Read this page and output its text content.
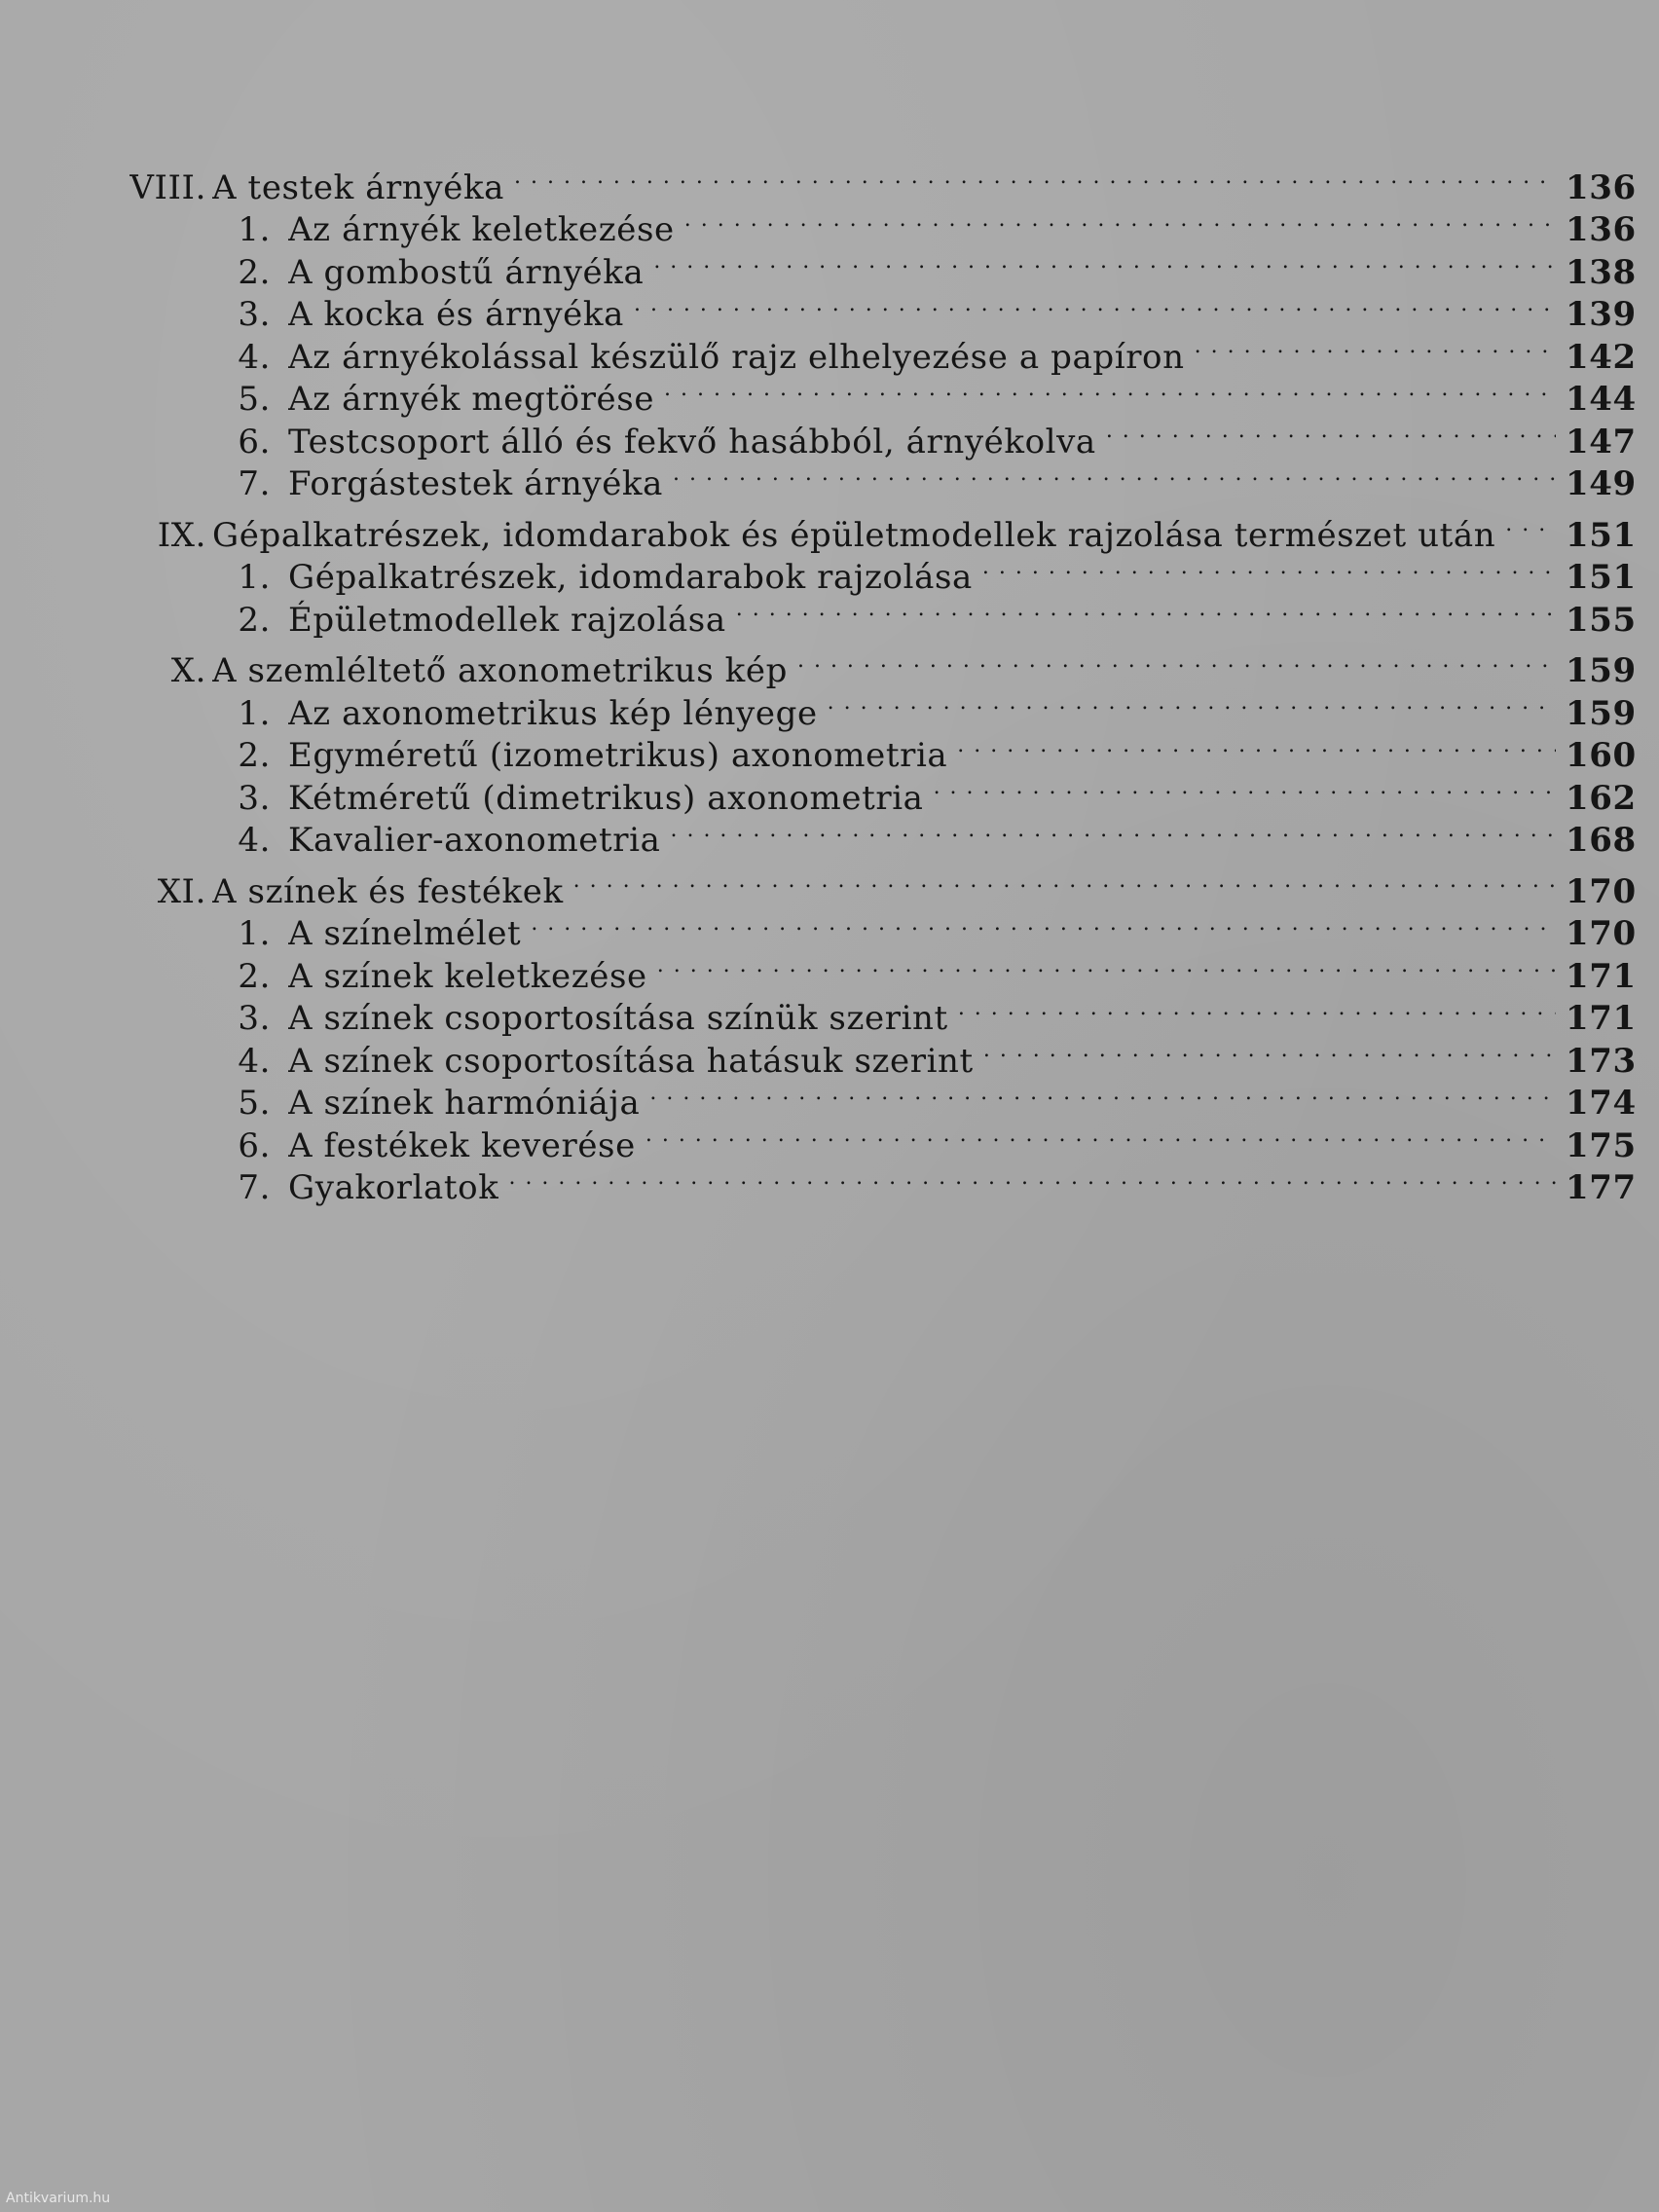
VIII. A testek árnyéka . . .	136
1. Az árnyék keletkezése . . .	136
2. A gombostű árnyéka . . .	138
3. A kocka és árnyéka . . .	139
4. Az árnyékolással készülő rajz elhelyezése a papíron . . .	142
5. Az árnyék megtörése . . .	144
6. Testcsoport álló és fekvő hasábból, árnyékolva . . .	147
7. Forgástestek árnyéka . . .	149
IX. Gépalkatrészek, idomdarabok és épületmodellek rajzolása természet után . . . 151
1. Gépalkatrészek, idomdarabok rajzolása . . .	151
2. Épületmodellek rajzolása . . .	155
X. A szemléltető axonometrikus kép . . .	159
1. Az axonometrikus kép lényege . . .	159
2. Egyméretű (izometrikus) axonometria . . .	160
3. Kétméretű (dimetrikus) axonometria . . .	162
4. Kavalier-axonometria . . .	168
XI. A színek és festékek . . .	170
1. A színelmélet . . .	170
2. A színek keletkezése . . .	171
3. A színek csoportosítása színük szerint . . .	171
4. A színek csoportosítása hatásuk szerint . . .	173
5. A színek harmóniája . . .	174
6. A festékek keverése . . .	175
7. Gyakorlatok . . .	177
Antikvarium.hu
